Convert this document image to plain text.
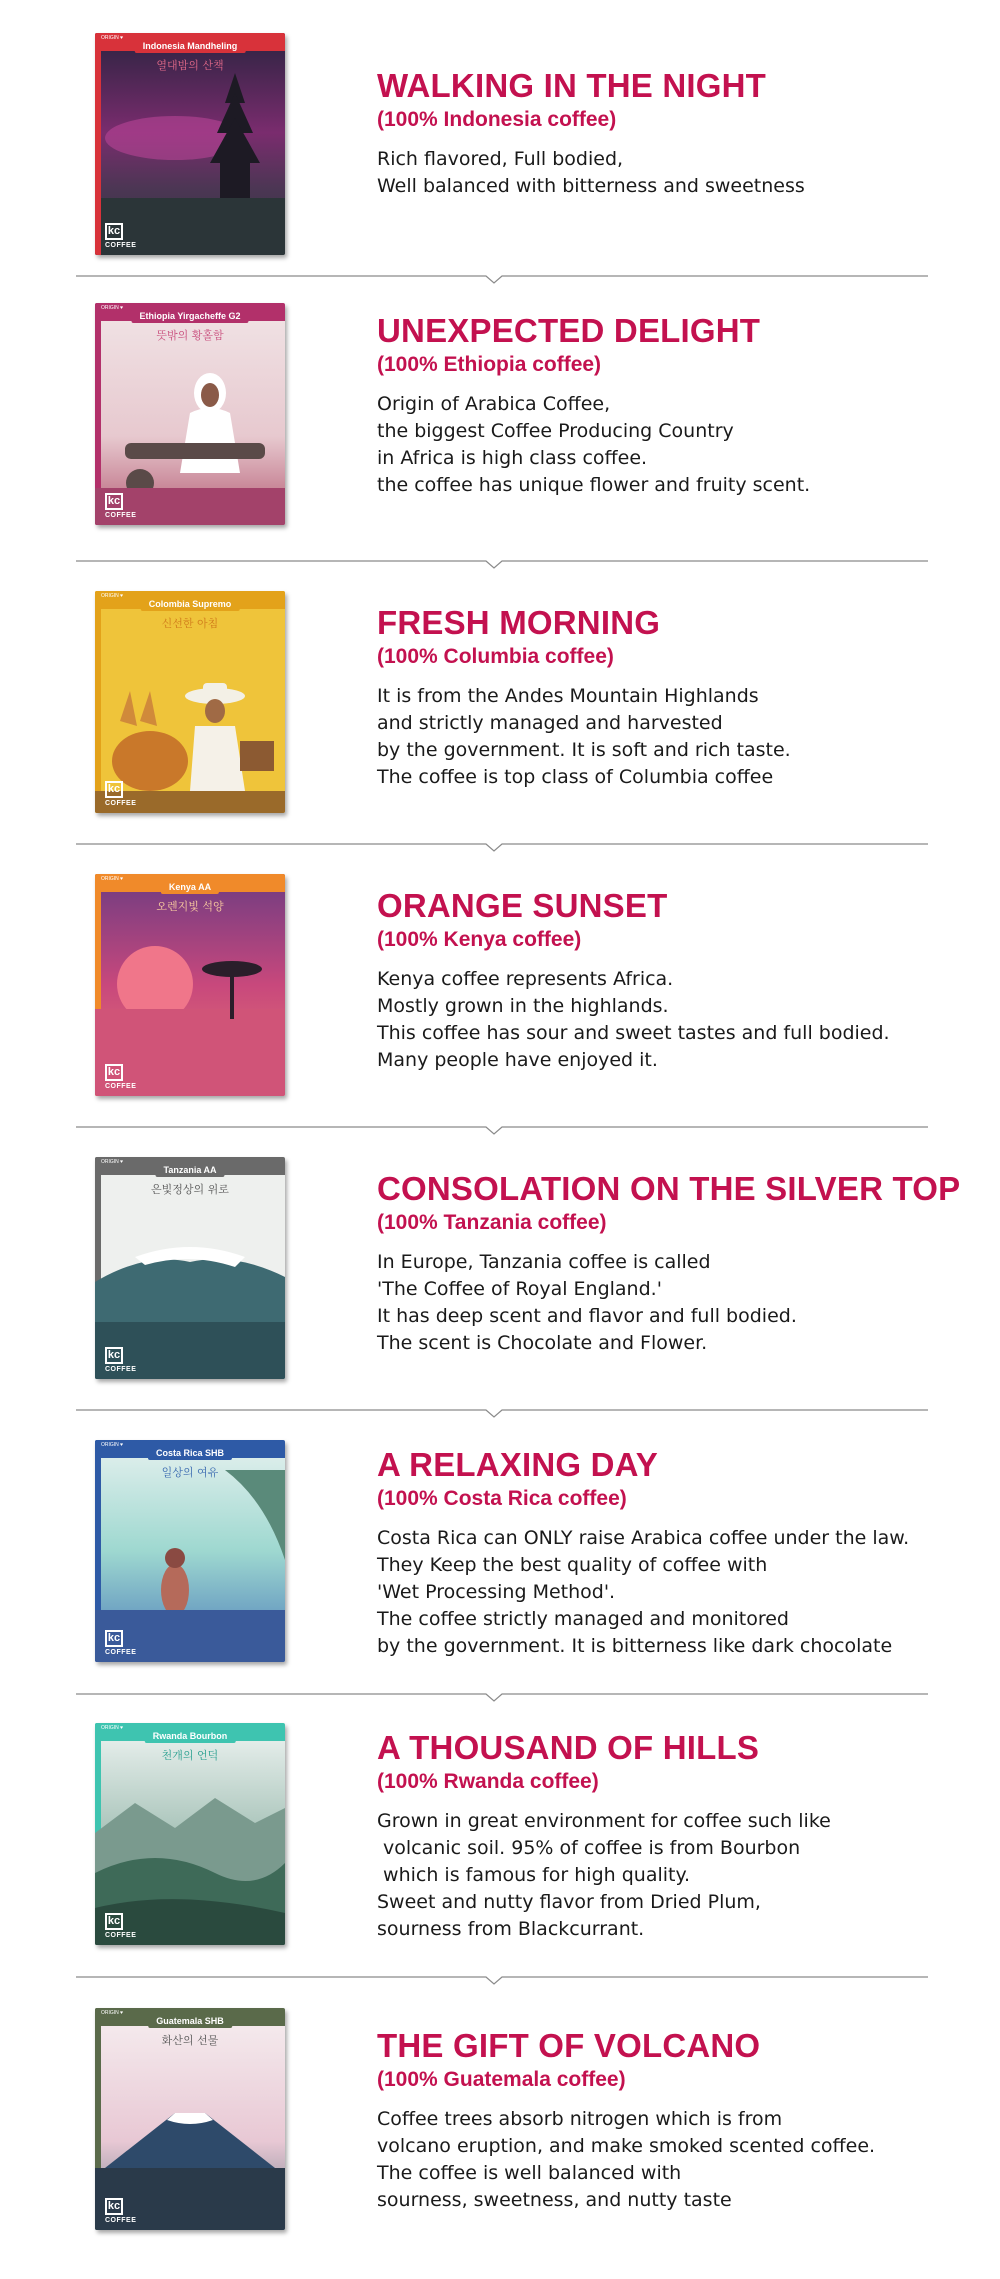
ORIGIN ♥
Indonesia Mandheling
열대밤의 산책
kc
COFFEE
WALKING IN THE NIGHT

(100% Indonesia coffee)

Rich flavored, Full bodied,
Well balanced with bitterness and sweetness
ORIGIN ♥
Ethiopia Yirgacheffe G2
뜻밖의 황홀함
kc
COFFEE
UNEXPECTED DELIGHT

(100% Ethiopia coffee)

Origin of Arabica Coffee,
the biggest Coffee Producing Country
in Africa is high class coffee.
the coffee has unique flower and fruity scent.
ORIGIN ♥
Colombia Supremo
신선한 아침
kc
COFFEE
FRESH MORNING

(100% Columbia coffee)

It is from the Andes Mountain Highlands
and strictly managed and harvested
by the government. It is soft and rich taste.
The coffee is top class of Columbia coffee
ORIGIN ♥
Kenya AA
오렌지빛 석양
kc
COFFEE
ORANGE SUNSET

(100% Kenya coffee)

Kenya coffee represents Africa.
Mostly grown in the highlands.
This coffee has sour and sweet tastes and full bodied.
Many people have enjoyed it.
ORIGIN ♥
Tanzania AA
은빛정상의 위로
kc
COFFEE
CONSOLATION ON THE SILVER TOP

(100% Tanzania coffee)

In Europe, Tanzania coffee is called
'The Coffee of Royal England.'
It has deep scent and flavor and full bodied.
The scent is Chocolate and Flower.
ORIGIN ♥
Costa Rica SHB
일상의 여유
kc
COFFEE
A RELAXING DAY

(100% Costa Rica coffee)

Costa Rica can ONLY raise Arabica coffee under the law.
They Keep the best quality of coffee with
'Wet Processing Method'.
The coffee strictly managed and monitored
by the government. It is bitterness like dark chocolate
ORIGIN ♥
Rwanda Bourbon
천개의 언덕
kc
COFFEE
A THOUSAND OF HILLS

(100% Rwanda coffee)

Grown in great environment for coffee such like
volcanic soil. 95% of coffee is from Bourbon
which is famous for high quality.
Sweet and nutty flavor from Dried Plum,
sourness from Blackcurrant.
ORIGIN ♥
Guatemala SHB
화산의 선물
kc
COFFEE
THE GIFT OF VOLCANO

(100% Guatemala coffee)

Coffee trees absorb nitrogen which is from
volcano eruption, and make smoked scented coffee.
The coffee is well balanced with
sourness, sweetness, and nutty taste
